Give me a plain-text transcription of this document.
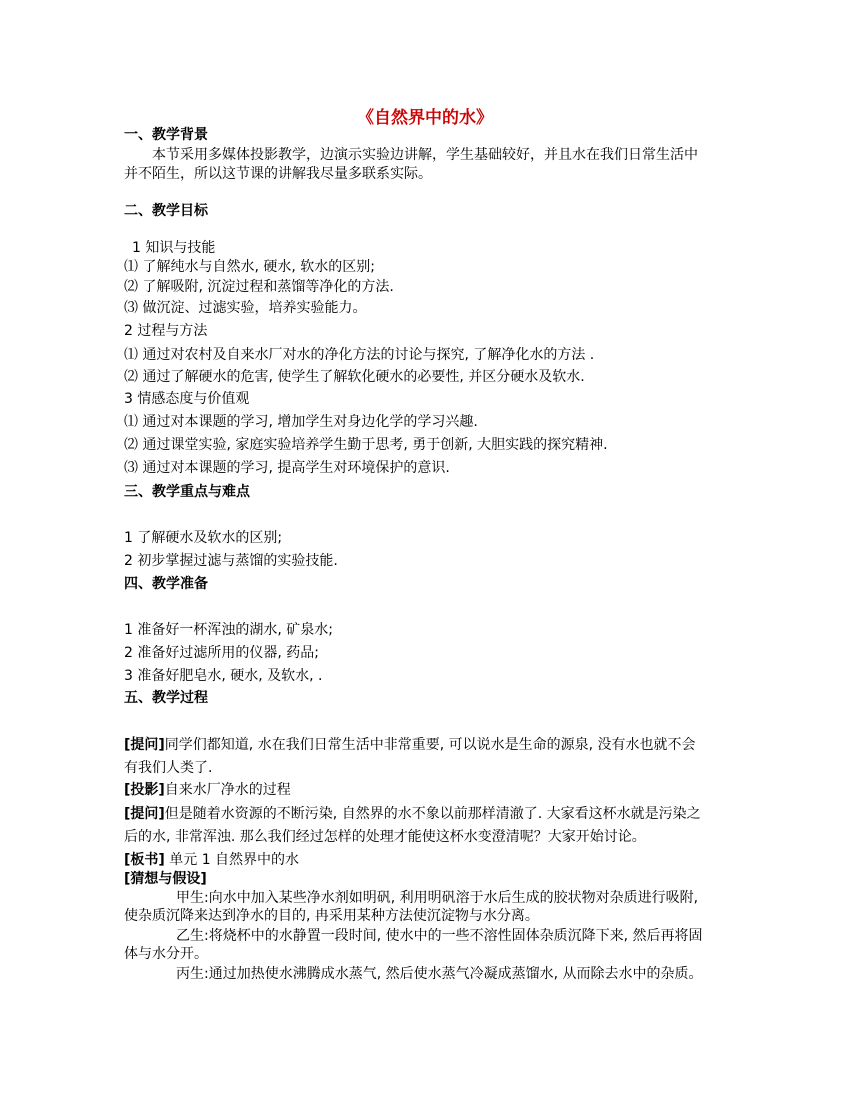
《自然界中的水》
一、教学背景
本节采用多媒体投影教学，边演示实验边讲解，学生基础较好，并且水在我们日常生活中
并不陌生，所以这节课的讲解我尽量多联系实际。
二、教学目标
1 知识与技能
⑴ 了解纯水与自然水, 硬水, 软水的区别;
⑵ 了解吸附, 沉淀过程和蒸馏等净化的方法.
⑶ 做沉淀、过滤实验，培养实验能力。
2 过程与方法
⑴ 通过对农村及自来水厂对水的净化方法的讨论与探究, 了解净化水的方法 .
⑵ 通过了解硬水的危害, 使学生了解软化硬水的必要性, 并区分硬水及软水.
3 情感态度与价值观
⑴ 通过对本课题的学习, 增加学生对身边化学的学习兴趣.
⑵ 通过课堂实验, 家庭实验培养学生勤于思考, 勇于创新, 大胆实践的探究精神.
⑶ 通过对本课题的学习, 提高学生对环境保护的意识.
三、教学重点与难点
1 了解硬水及软水的区别;
2 初步掌握过滤与蒸馏的实验技能.
四、教学准备
1 准备好一杯浑浊的湖水, 矿泉水;
2 准备好过滤所用的仪器, 药品;
3 准备好肥皂水, 硬水, 及软水, .
五、教学过程
[提问]同学们都知道, 水在我们日常生活中非常重要, 可以说水是生命的源泉, 没有水也就不会
有我们人类了.
[投影]自来水厂净水的过程
[提问]但是随着水资源的不断污染, 自然界的水不象以前那样清澈了. 大家看这杯水就是污染之
后的水, 非常浑浊. 那么我们经过怎样的处理才能使这杯水变澄清呢？大家开始讨论。
[板书] 单元 1 自然界中的水
[猜想与假设]
甲生:向水中加入某些净水剂如明矾, 利用明矾溶于水后生成的胶状物对杂质进行吸附,
使杂质沉降来达到净水的目的, 冉采用某种方法使沉淀物与水分离。
乙生:将烧杯中的水静置一段时间, 使水中的一些不溶性固体杂质沉降下来, 然后再将固
体与水分开。
丙生:通过加热使水沸腾成水蒸气, 然后使水蒸气冷凝成蒸馏水, 从而除去水中的杂质。
